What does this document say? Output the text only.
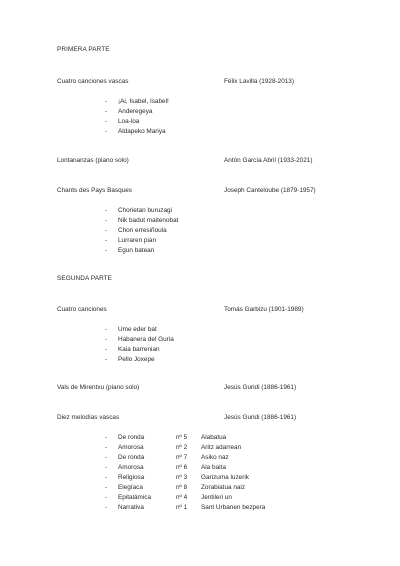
PRIMERA PARTE
Cuatro canciones vascas	Félix Lavilla (1928-2013)
- ¡Ai, Isabel, Isabel!
- Anderegeya
- Loa-loa
- Aldapeko Mariya
Lontananzas (piano solo)	Antón García Abril (1933-2021)
Chants des Pays Basques	Joseph Canteloube (1879-1957)
- Chorietan buruzagi
- Nik badut maitenobat
- Chon erresiñoula
- Lurraren pian
- Egun batean
SEGUNDA PARTE
Cuatro canciones	Tomás Garbizu (1901-1989)
- Ume eder bat
- Habanera del Guria
- Kaia barrenian
- Pello Joxepe
Vals de Mirentxu (piano solo)	Jesús Guridi (1886-1961)
Diez melodías vascas	Jesús Guridi (1886-1961)
- De ronda	nº 5 Alabatua
- Amorosa	nº 2 Aritz adarrean
- De ronda	nº 7 Asiko naz
- Amorosa	nº 6 Ala baita
- Religiosa	nº 3 Garizuma luzerik
- Elegíaca	nº 8 Zorabiatua naiz
- Epitalámica	nº 4 Jentileri un
- Narrativa	nº 1 Sant Urbanen bezpera
